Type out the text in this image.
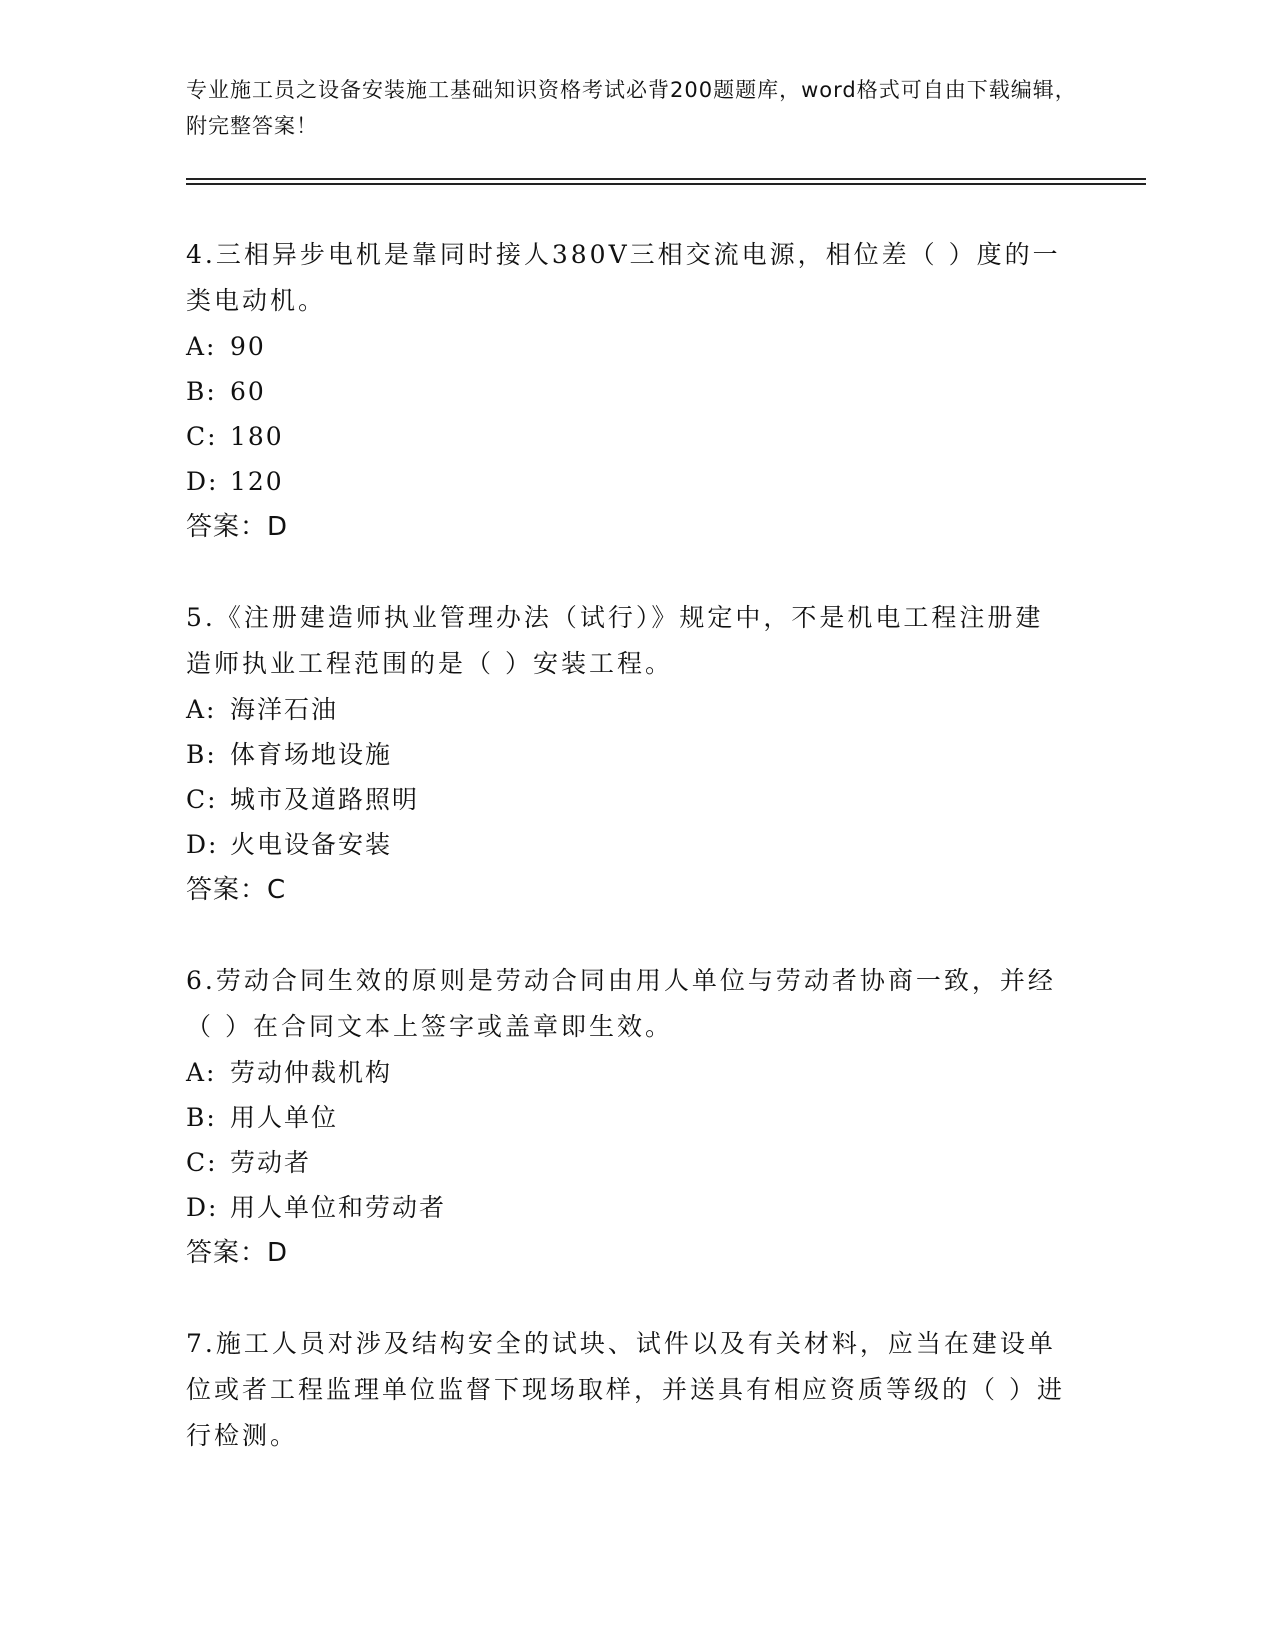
专业施工员之设备安装施工基础知识资格考试必背200题题库，word格式可自由下载编辑，附完整答案！

4.三相异步电机是靠同时接人380V三相交流电源，相位差（ ）度的一类电动机。

A: 90
B: 60
C: 180
D: 120
答案：D

5.《注册建造师执业管理办法（试行）》规定中，不是机电工程注册建造师执业工程范围的是（ ）安装工程。

A: 海洋石油
B: 体育场地设施
C: 城市及道路照明
D: 火电设备安装
答案：C

6.劳动合同生效的原则是劳动合同由用人单位与劳动者协商一致，并经（ ）在合同文本上签字或盖章即生效。

A: 劳动仲裁机构
B: 用人单位
C: 劳动者
D: 用人单位和劳动者
答案：D

7.施工人员对涉及结构安全的试块、试件以及有关材料，应当在建设单位或者工程监理单位监督下现场取样，并送具有相应资质等级的（ ）进行检测。
